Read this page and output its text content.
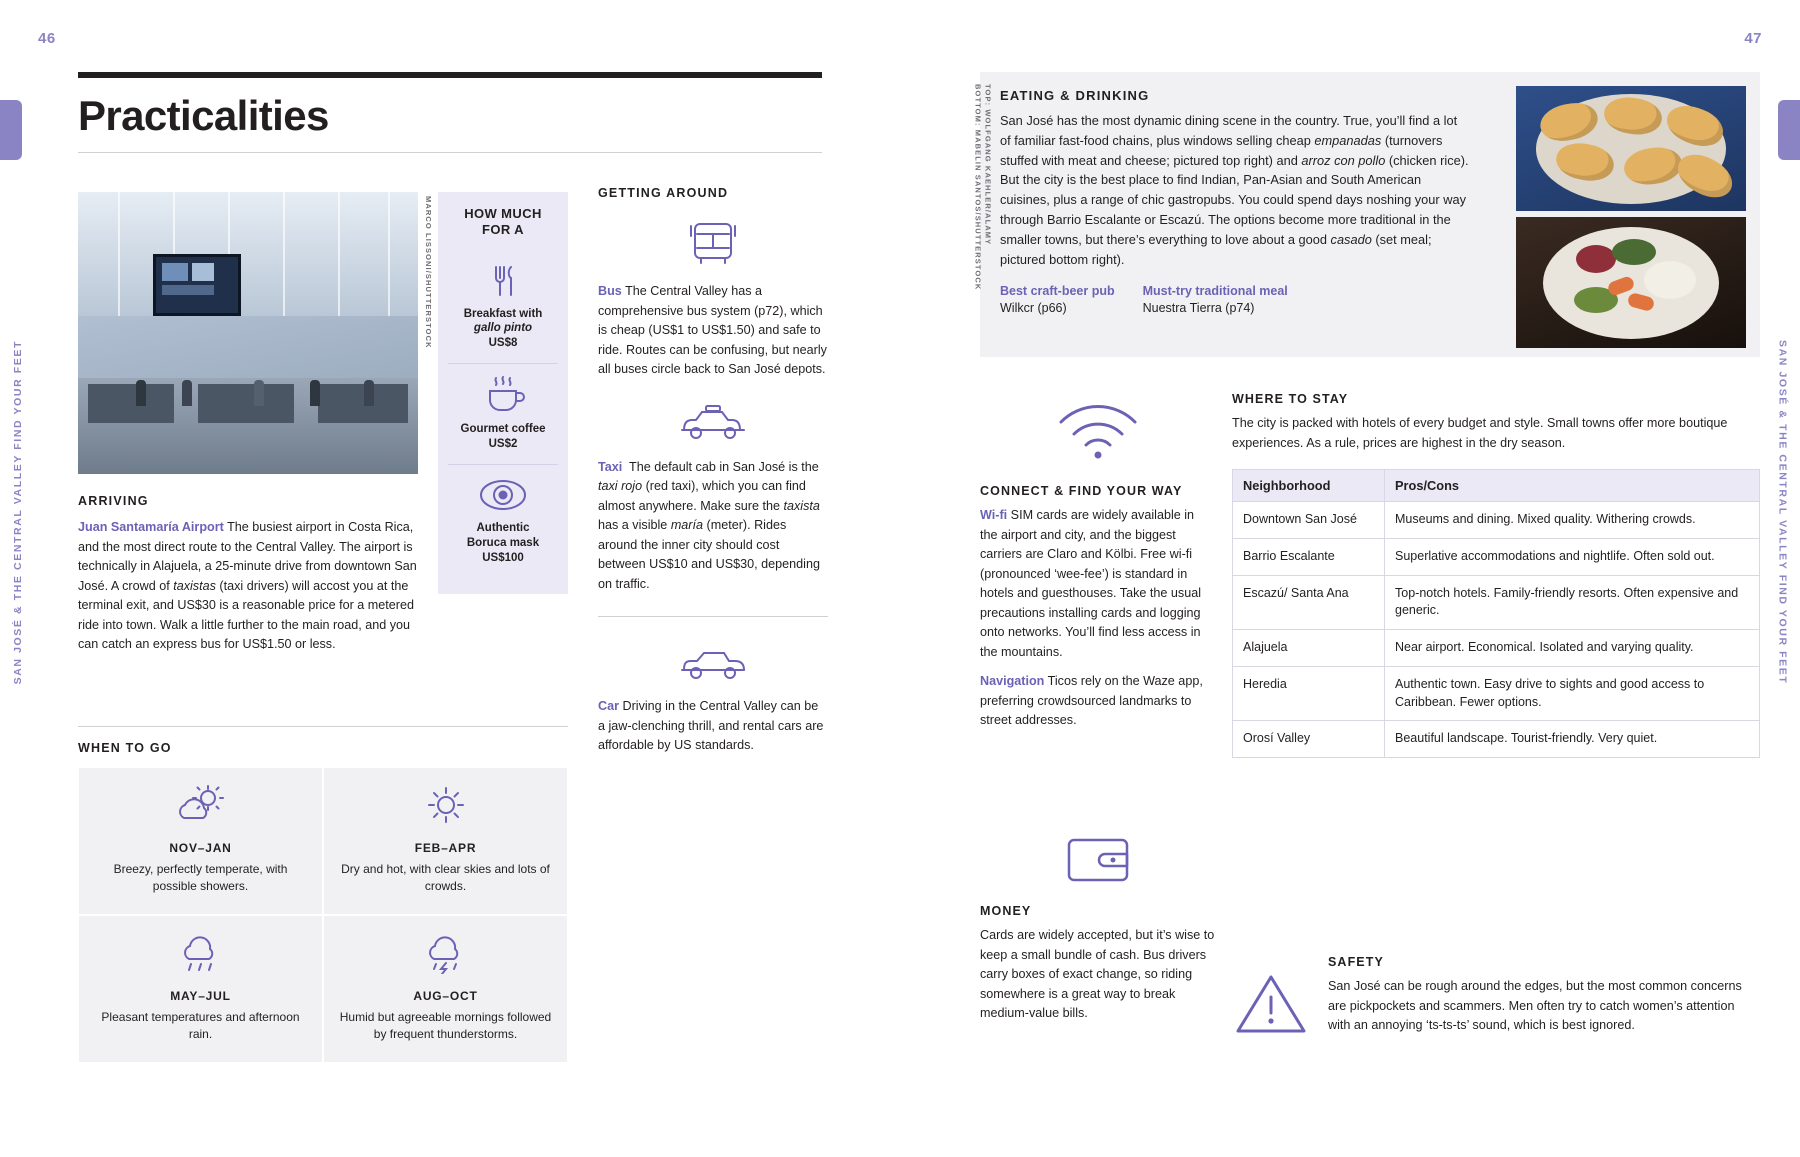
46
SAN JOSÉ & THE CENTRAL VALLEY FIND YOUR FEET
Practicalities
MARCO LISSONI/SHUTTERSTOCK	HOW MUCH FOR A
Breakfast with gallo pinto
US$8
Gourmet coffee
US$2
Authentic
Boruca mask
US$100
GETTING AROUND
Bus The Central Valley has a comprehensive bus system (p72), which is cheap (US$1 to US$1.50) and safe to ride. Routes can be confusing, but nearly all buses circle back to San José depots.
Taxi  The default cab in San José is the taxi rojo (red taxi), which you can find almost anywhere. Make sure the taxista has a visible maría (meter). Rides around the inner city should cost between US$10 and US$30, depending on traffic.
Car Driving in the Central Valley can be a jaw-clenching thrill, and rental cars are affordable by US standards.
ARRIVING

Juan Santamaría Airport The busiest airport in Costa Rica, and the most direct route to the Central Valley. The airport is technically in Alajuela, a 25-minute drive from downtown San José. A crowd of taxistas (taxi drivers) will accost you at the terminal exit, and US$30 is a reasonable price for a metered ride into town. Walk a little further to the main road, and you can catch an express bus for US$1.50 or less.

WHEN TO GO
NOV–JAN

Breezy, perfectly temperate, with possible showers.

FEB–APR

Dry and hot, with clear skies and lots of crowds.

MAY–JUL

Pleasant temperatures and afternoon rain.

AUG–OCT

Humid but agreeable mornings followed by frequent thunderstorms.

47
SAN JOSÉ & THE CENTRAL VALLEY FIND YOUR FEET
EATING & DRINKING

San José has the most dynamic dining scene in the country. True, you’ll find a lot of familiar fast-food chains, plus windows selling cheap empanadas (turnovers stuffed with meat and cheese; pictured top right) and arroz con pollo (chicken rice). But the city is the best place to find Indian, Pan-Asian and South American cuisines, plus a range of chic gastropubs. You could spend days noshing your way through Barrio Escalante or Escazú. The options become more traditional in the smaller towns, but there’s everything to love about a good casado (set meal; pictured bottom right).

Best craft-beer pub
Wilkcr (p66)
Must-try traditional meal
Nuestra Tierra (p74)
TOP: WOLFGANG KAEHLER/ALAMY
BOTTOM: MABELIN SANTOS/SHUTTERSTOCK
CONNECT & FIND YOUR WAY

Wi-fi SIM cards are widely available in the airport and city, and the biggest carriers are Claro and Kölbi. Free wi-fi (pronounced ‘wee-fee’) is standard in hotels and guesthouses. Take the usual precautions installing cards and logging onto networks. You’ll find less access in the mountains.

Navigation Ticos rely on the Waze app, preferring crowdsourced landmarks to street addresses.

MONEY

Cards are widely accepted, but it’s wise to keep a small bundle of cash. Bus drivers carry boxes of exact change, so riding somewhere is a great way to break medium-value bills.

WHERE TO STAY

The city is packed with hotels of every budget and style. Small towns offer more boutique experiences. As a rule, prices are highest in the dry season.

Neighborhood	Pros/Cons
Downtown San José	Museums and dining. Mixed quality. Withering crowds.
Barrio Escalante	Superlative accommodations and nightlife. Often sold out.
Escazú/ Santa Ana	Top-notch hotels. Family-friendly resorts. Often expensive and generic.
Alajuela	Near airport. Economical. Isolated and varying quality.
Heredia	Authentic town. Easy drive to sights and good access to Caribbean. Fewer options.
Orosí Valley	Beautiful landscape. Tourist-friendly. Very quiet.
SAFETY

San José can be rough around the edges, but the most common concerns are pickpockets and scammers. Men often try to catch women’s attention with an annoying ‘ts-ts-ts’ sound, which is best ignored.
